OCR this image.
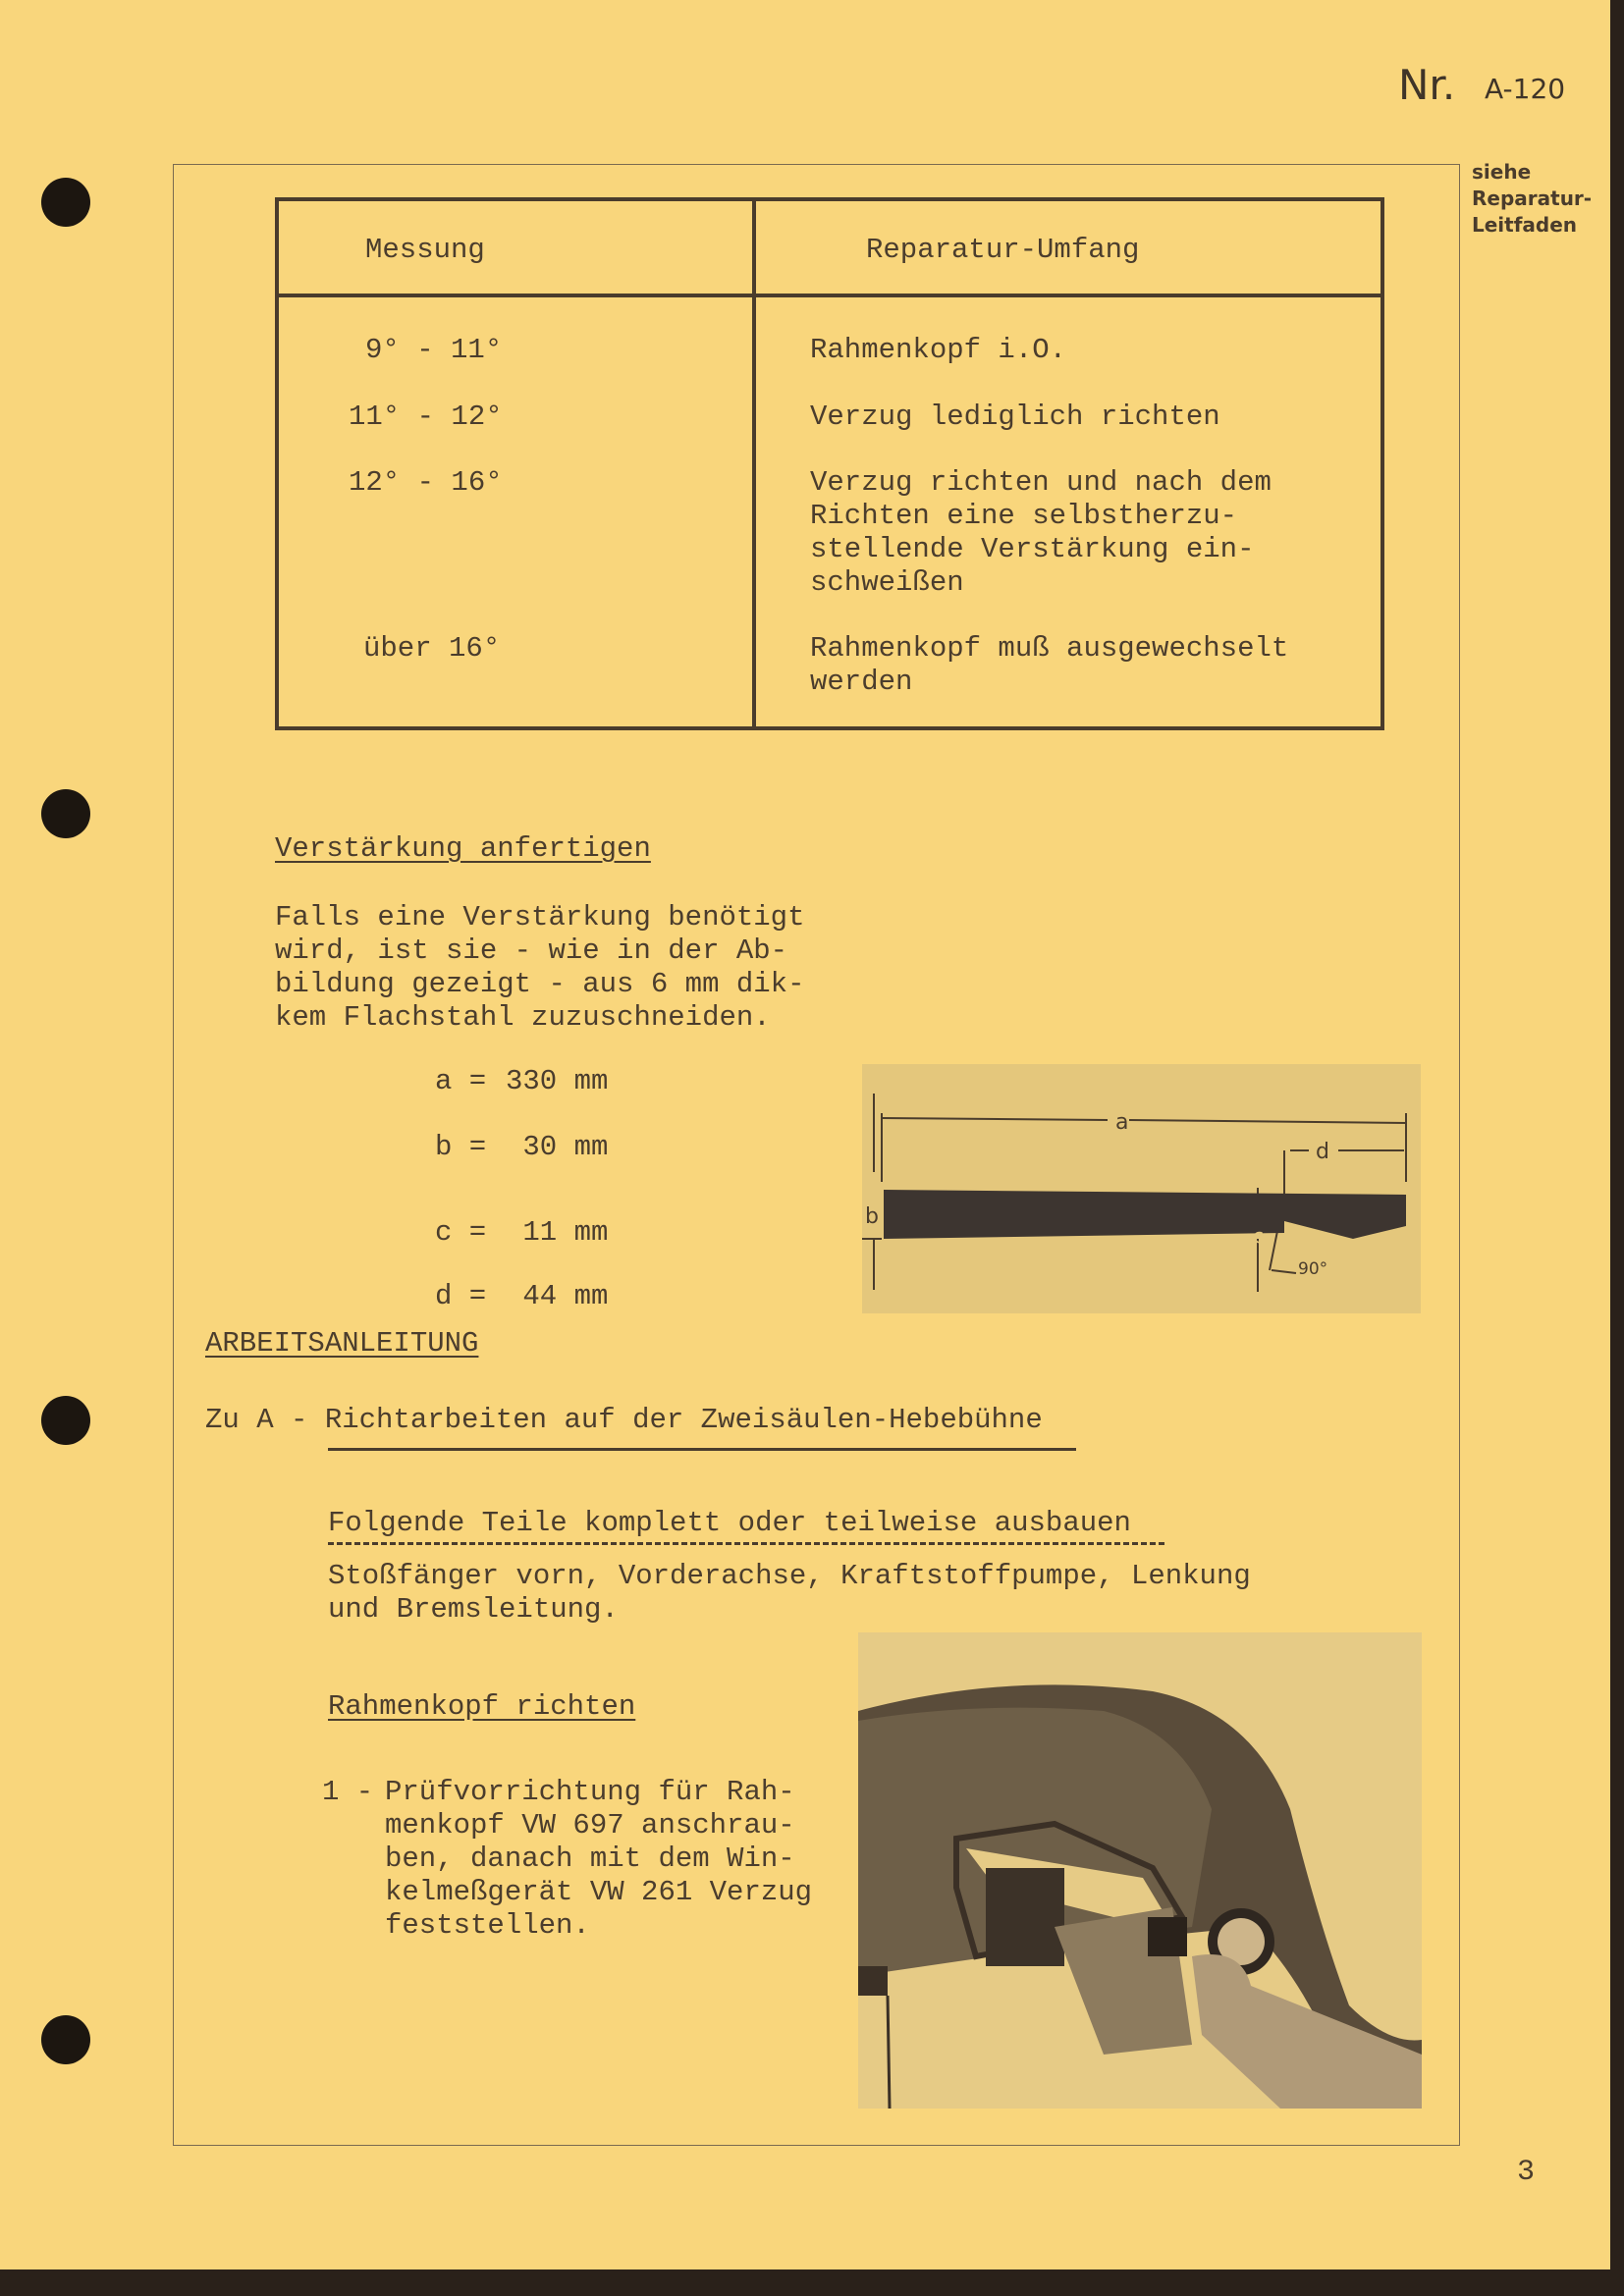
Nr. A-120
siehe
Reparatur-
Leitfaden
Messung	Reparatur-Umfang
9° - 11°
11° - 12°
12° - 16°
über 16°
Rahmenkopf i.O.
Verzug lediglich richten
Verzug richten und nach dem
Richten eine selbstherzu-
stellende Verstärkung ein-
schweißen
Rahmenkopf muß ausgewechselt
werden
Verstärkung anfertigen
Falls eine Verstärkung benötigt
wird, ist sie - wie in der Ab-
bildung gezeigt - aus 6 mm dik-
kem Flachstahl zuzuschneiden.
a = 330 mm
b = 30 mm
c = 11 mm
d = 44 mm
a
b
c
d
90°
ARBEITSANLEITUNG
Zu A - Richtarbeiten auf der Zweisäulen-Hebebühne
Folgende Teile komplett oder teilweise ausbauen
Stoßfänger vorn, Vorderachse, Kraftstoffpumpe, Lenkung
und Bremsleitung.
Rahmenkopf richten
1 - Prüfvorrichtung für Rah-
menkopf VW 697 anschrau-
ben, danach mit dem Win-
kelmeßgerät VW 261 Verzug
feststellen.
3
